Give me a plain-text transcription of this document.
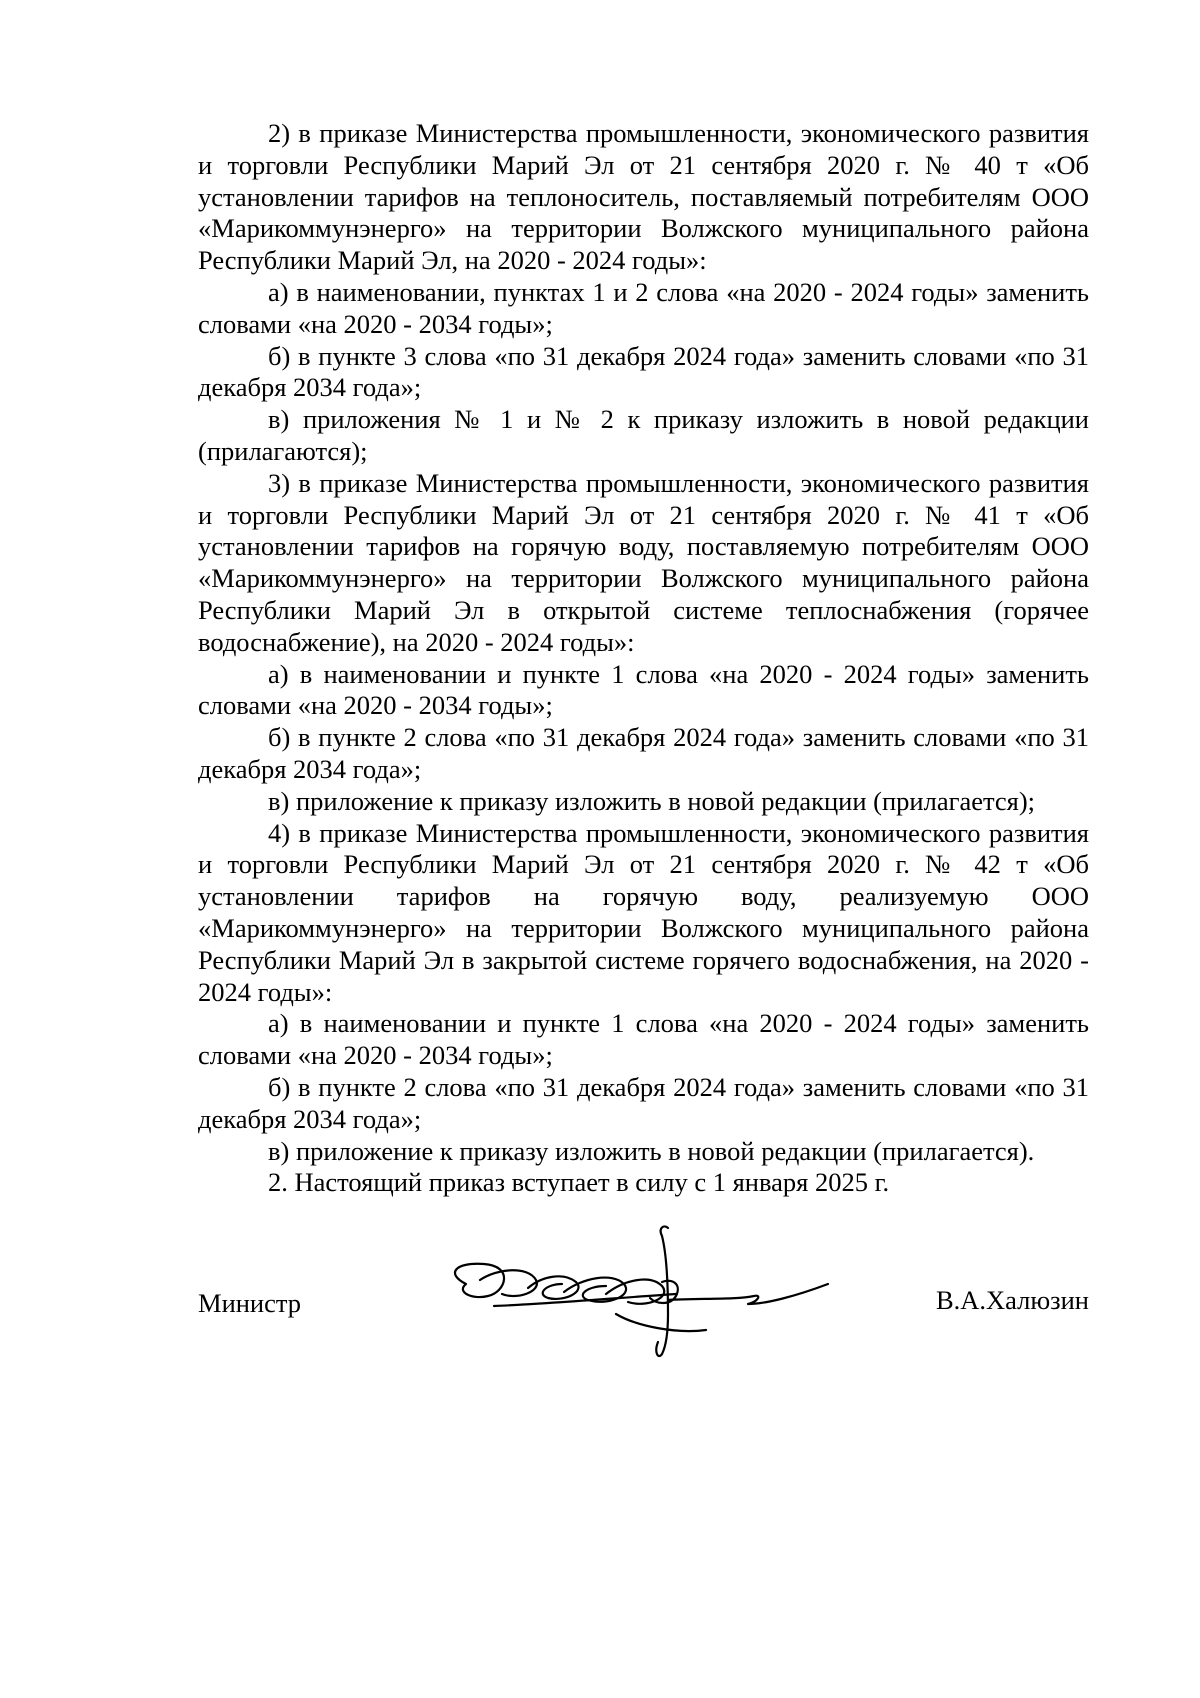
2) в приказе Министерства промышленности, экономического развития и торговли Республики Марий Эл от 21 сентября 2020 г. № 40 т «Об установлении тарифов на теплоноситель, поставляемый потребителям ООО «Марикоммунэнерго» на территории Волжского муниципального района Республики Марий Эл, на 2020 - 2024 годы»:

а) в наименовании, пунктах 1 и 2 слова «на 2020 - 2024 годы» заменить словами «на 2020 - 2034 годы»;

б) в пункте 3 слова «по 31 декабря 2024 года» заменить словами «по 31 декабря 2034 года»;

в) приложения № 1 и № 2 к приказу изложить в новой редакции (прилагаются);

3) в приказе Министерства промышленности, экономического развития и торговли Республики Марий Эл от 21 сентября 2020 г. № 41 т «Об установлении тарифов на горячую воду, поставляемую потребителям ООО «Марикоммунэнерго» на территории Волжского муниципального района Республики Марий Эл в открытой системе теплоснабжения (горячее водоснабжение), на 2020 - 2024 годы»:

а) в наименовании и пункте 1 слова «на 2020 - 2024 годы» заменить словами «на 2020 - 2034 годы»;

б) в пункте 2 слова «по 31 декабря 2024 года» заменить словами «по 31 декабря 2034 года»;

в) приложение к приказу изложить в новой редакции (прилагается);

4) в приказе Министерства промышленности, экономического развития и торговли Республики Марий Эл от 21 сентября 2020 г. № 42 т «Об установлении тарифов на горячую воду, реализуемую ООО «Марикоммунэнерго» на территории Волжского муниципального района Республики Марий Эл в закрытой системе горячего водоснабжения, на 2020 - 2024 годы»:

а) в наименовании и пункте 1 слова «на 2020 - 2024 годы» заменить словами «на 2020 - 2034 годы»;

б) в пункте 2 слова «по 31 декабря 2024 года» заменить словами «по 31 декабря 2034 года»;

в) приложение к приказу изложить в новой редакции (прилагается).

2. Настоящий приказ вступает в силу с 1 января 2025 г.

Министр	В.А.Халюзин
